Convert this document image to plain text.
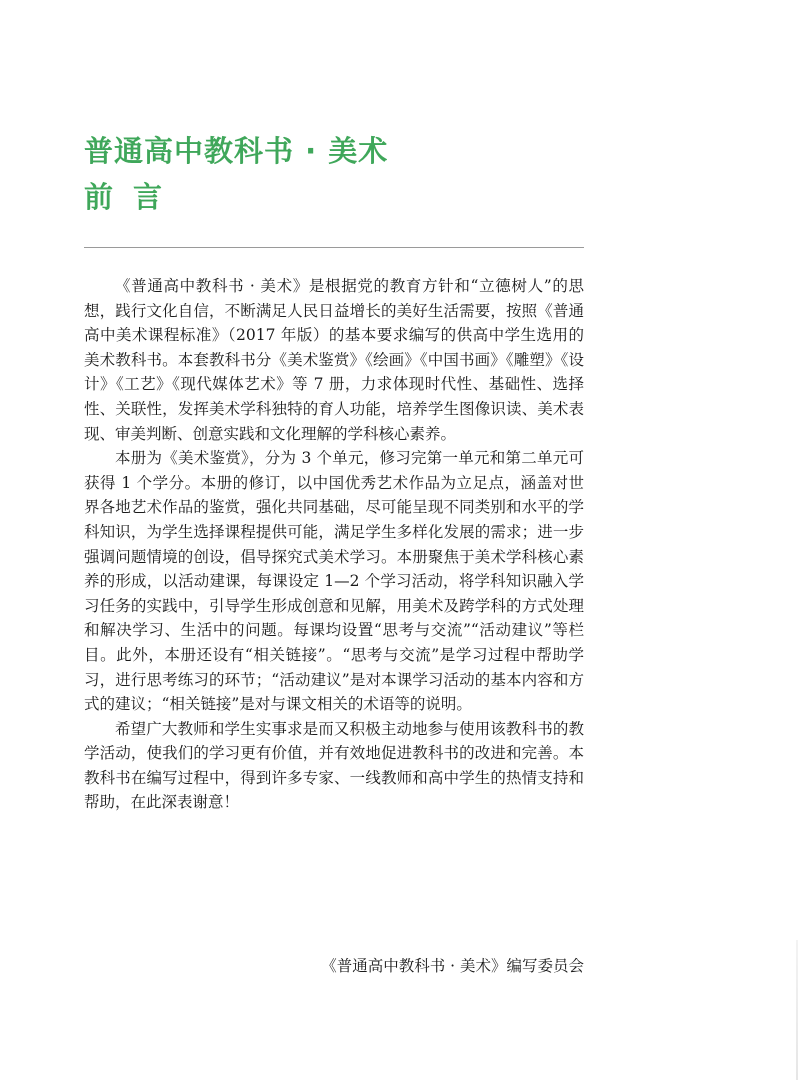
普通高中教科书 · 美术
前言

《普通高中教科书 · 美术》是根据党的教育方针和“立德树人”的思想，践行文化自信，不断满足人民日益增长的美好生活需要，按照《普通高中美术课程标准》（2017 年版）的基本要求编写的供高中学生选用的美术教科书。本套教科书分《美术鉴赏》《绘画》《中国书画》《雕塑》《设计》《工艺》《现代媒体艺术》等 7 册，力求体现时代性、基础性、选择性、关联性，发挥美术学科独特的育人功能，培养学生图像识读、美术表现、审美判断、创意实践和文化理解的学科核心素养。

本册为《美术鉴赏》，分为 3 个单元，修习完第一单元和第二单元可获得 1 个学分。本册的修订，以中国优秀艺术作品为立足点，涵盖对世界各地艺术作品的鉴赏，强化共同基础，尽可能呈现不同类别和水平的学科知识，为学生选择课程提供可能，满足学生多样化发展的需求；进一步强调问题情境的创设，倡导探究式美术学习。本册聚焦于美术学科核心素养的形成，以活动建课，每课设定 1—2 个学习活动，将学科知识融入学习任务的实践中，引导学生形成创意和见解，用美术及跨学科的方式处理和解决学习、生活中的问题。每课均设置“思考与交流”“活动建议”等栏目。此外，本册还设有“相关链接”。“思考与交流”是学习过程中帮助学习，进行思考练习的环节；“活动建议”是对本课学习活动的基本内容和方式的建议；“相关链接”是对与课文相关的术语等的说明。

希望广大教师和学生实事求是而又积极主动地参与使用该教科书的教学活动，使我们的学习更有价值，并有效地促进教科书的改进和完善。本教科书在编写过程中，得到许多专家、一线教师和高中学生的热情支持和帮助，在此深表谢意！

《普通高中教科书 · 美术》编写委员会
